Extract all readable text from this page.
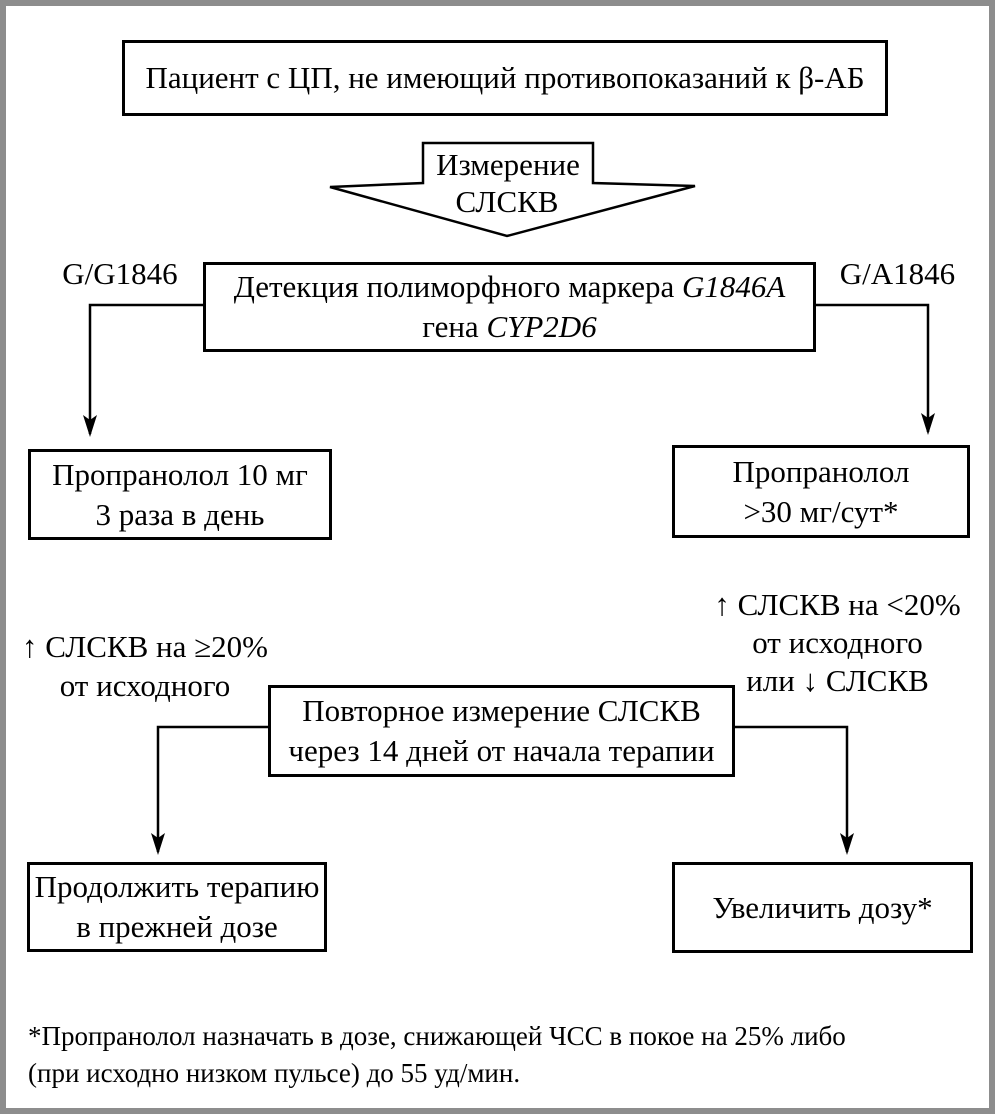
Пациент с ЦП, не имеющий противопоказаний к β-АБ
Измерение
СЛСКВ
G/G1846	G/A1846
Детекция полиморфного маркера G1846A
гена CYP2D6
Пропранолол 10 мг
3 раза в день
Пропранолол
>30 мг/сут*
↑ СЛСКВ на ≥20%
от исходного
↑ СЛСКВ на <20%
от исходного
или ↓ СЛСКВ
Повторное измерение СЛСКВ
через 14 дней от начала терапии
Продолжить терапию
в прежней дозе
Увеличить дозу*
*Пропранолол назначать в дозе, снижающей ЧСС в покое на 25% либо
(при исходно низком пульсе) до 55 уд/мин.
